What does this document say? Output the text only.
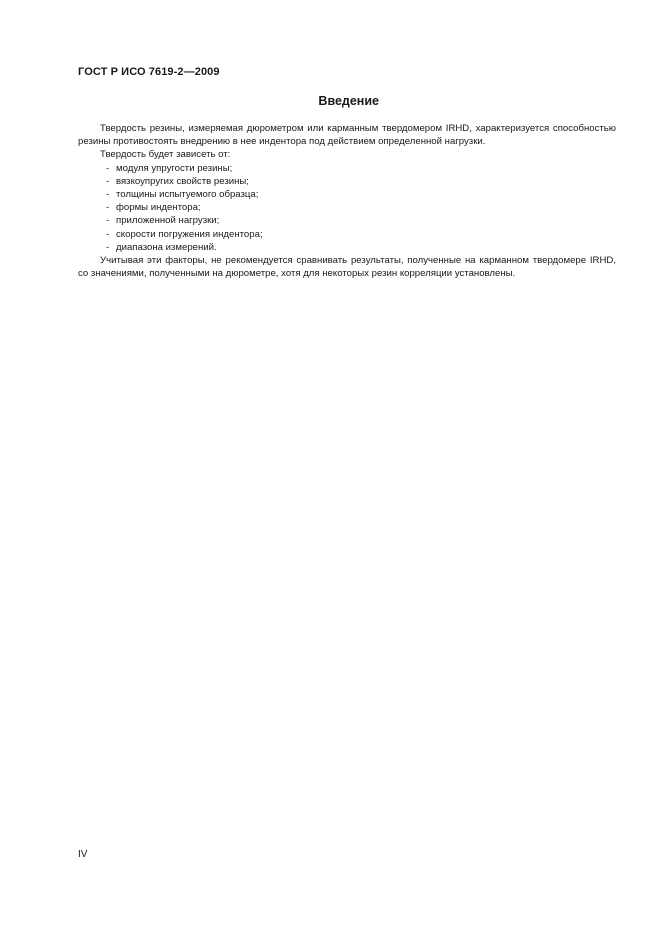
ГОСТ Р ИСО 7619-2—2009
Введение

Твердость резины, измеряемая дюрометром или карманным твердомером IRHD, характеризуется способностью резины противостоять внедрению в нее индентора под действием определенной нагрузки.

Твердость будет зависеть от:

- модуля упругости резины;
- вязкоупругих свойств резины;
- толщины испытуемого образца;
- формы индентора;
- приложенной нагрузки;
- скорости погружения индентора;
- диапазона измерений.

Учитывая эти факторы, не рекомендуется сравнивать результаты, полученные на карманном твердомере IRHD, со значениями, полученными на дюрометре, хотя для некоторых резин корреляции установлены.

IV
